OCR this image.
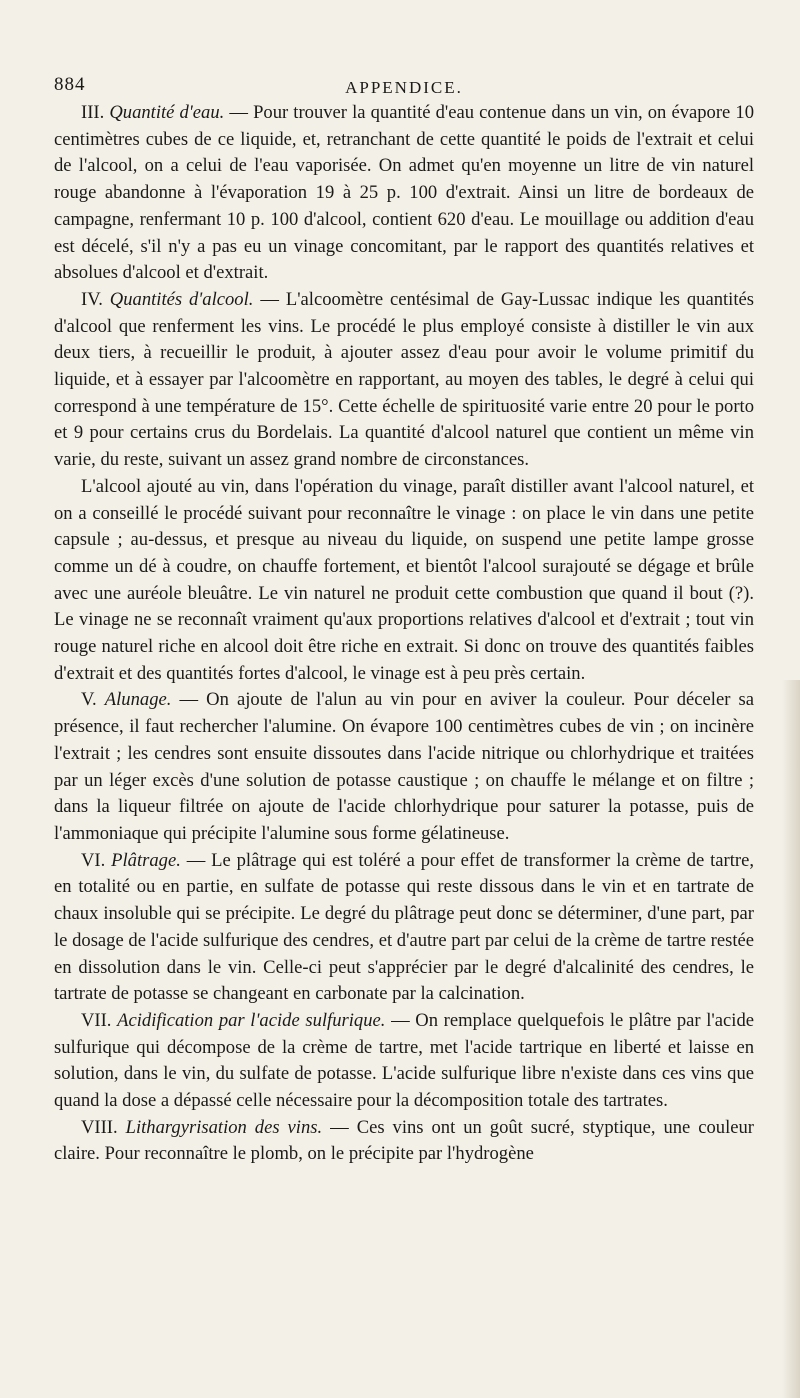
884	APPENDICE.

III. Quantité d'eau. — Pour trouver la quantité d'eau contenue dans un vin, on évapore 10 centimètres cubes de ce liquide, et, retranchant de cette quantité le poids de l'extrait et celui de l'alcool, on a celui de l'eau vaporisée. On admet qu'en moyenne un litre de vin naturel rouge abandonne à l'évaporation 19 à 25 p. 100 d'extrait. Ainsi un litre de bordeaux de campagne, renfermant 10 p. 100 d'alcool, contient 620 d'eau. Le mouillage ou addition d'eau est décelé, s'il n'y a pas eu un vinage concomitant, par le rapport des quantités relatives et absolues d'alcool et d'extrait.

IV. Quantités d'alcool. — L'alcoomètre centésimal de Gay-Lussac indique les quantités d'alcool que renferment les vins. Le procédé le plus employé consiste à distiller le vin aux deux tiers, à recueillir le produit, à ajouter assez d'eau pour avoir le volume primitif du liquide, et à essayer par l'alcoomètre en rapportant, au moyen des tables, le degré à celui qui correspond à une température de 15°. Cette échelle de spirituosité varie entre 20 pour le porto et 9 pour certains crus du Bordelais. La quantité d'alcool naturel que contient un même vin varie, du reste, suivant un assez grand nombre de circonstances.

L'alcool ajouté au vin, dans l'opération du vinage, paraît distiller avant l'alcool naturel, et on a conseillé le procédé suivant pour reconnaître le vinage : on place le vin dans une petite capsule ; au-dessus, et presque au niveau du liquide, on suspend une petite lampe grosse comme un dé à coudre, on chauffe fortement, et bientôt l'alcool surajouté se dégage et brûle avec une auréole bleuâtre. Le vin naturel ne produit cette combustion que quand il bout (?). Le vinage ne se reconnaît vraiment qu'aux proportions relatives d'alcool et d'extrait ; tout vin rouge naturel riche en alcool doit être riche en extrait. Si donc on trouve des quantités faibles d'extrait et des quantités fortes d'alcool, le vinage est à peu près certain.

V. Alunage. — On ajoute de l'alun au vin pour en aviver la couleur. Pour déceler sa présence, il faut rechercher l'alumine. On évapore 100 centimètres cubes de vin ; on incinère l'extrait ; les cendres sont ensuite dissoutes dans l'acide nitrique ou chlorhydrique et traitées par un léger excès d'une solution de potasse caustique ; on chauffe le mélange et on filtre ; dans la liqueur filtrée on ajoute de l'acide chlorhydrique pour saturer la potasse, puis de l'ammoniaque qui précipite l'alumine sous forme gélatineuse.

VI. Plâtrage. — Le plâtrage qui est toléré a pour effet de transformer la crème de tartre, en totalité ou en partie, en sulfate de potasse qui reste dissous dans le vin et en tartrate de chaux insoluble qui se précipite. Le degré du plâtrage peut donc se déterminer, d'une part, par le dosage de l'acide sulfurique des cendres, et d'autre part par celui de la crème de tartre restée en dissolution dans le vin. Celle-ci peut s'apprécier par le degré d'alcalinité des cendres, le tartrate de potasse se changeant en carbonate par la calcination.

VII. Acidification par l'acide sulfurique. — On remplace quelquefois le plâtre par l'acide sulfurique qui décompose de la crème de tartre, met l'acide tartrique en liberté et laisse en solution, dans le vin, du sulfate de potasse. L'acide sulfurique libre n'existe dans ces vins que quand la dose a dépassé celle nécessaire pour la décomposition totale des tartrates.

VIII. Lithargyrisation des vins. — Ces vins ont un goût sucré, styptique, une couleur claire. Pour reconnaître le plomb, on le précipite par l'hydrogène
